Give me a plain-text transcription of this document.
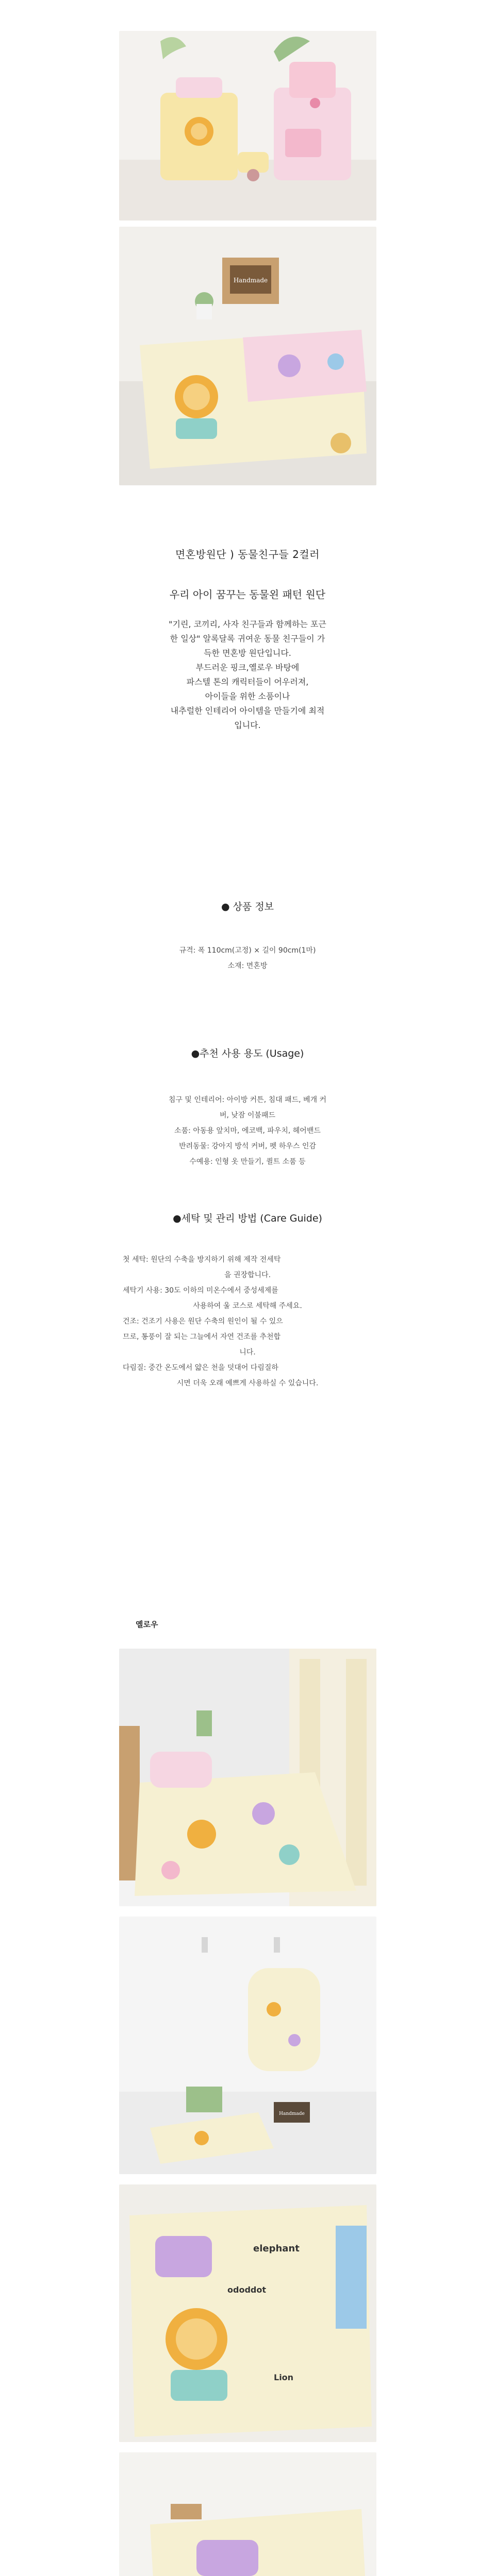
Handmade
면혼방원단 ) 동물친구들 2컬러
우리 아이 꿈꾸는 동물왼 패턴 원단

"기린, 코끼리, 사자 친구들과 함께하는 포근

한 일상" 알록달록 귀여운 동물 친구들이 가

득한 면혼방 원단입니다.

부드러운 핑크,옐로우 바탕에

파스텔 톤의 캐릭터들이 어우러져,

아이들을 위한 소품이나

내추럴한 인테리어 아이템을 만들기에 최적

입니다.

● 상품 정보

규격: 폭 110cm(고정) × 길이 90cm(1마)

소재: 면혼방

●추천 사용 용도 (Usage)

침구 및 인테리어: 아이방 커튼, 침대 패드, 베개 커

버, 낮잠 이불패드

소품: 아동용 앞치마, 에코백, 파우치, 헤어밴드

반려동물: 강아지 방석 커버, 펫 하우스 인감

수예용: 인형 옷 만들기, 퀼트 소품 등

●세탁 및 관리 방법 (Care Guide)

첫 세탁: 원단의 수축을 방지하기 위해 제작 전세탁

을 권장합니다.

세탁기 사용: 30도 이하의 미온수에서 중성세제를

사용하여 울 코스로 세탁해 주세요.

건조: 건조기 사용은 원단 수축의 원인이 될 수 있으

므로, 통풍이 잘 되는 그늘에서 자연 건조를 추천합

니다.

다림질: 중간 온도에서 얇은 천을 덧대어 다림질하

시면 더욱 오래 예쁘게 사용하실 수 있습니다.

옐로우
Handmade
elephant
ododdot
Lion
